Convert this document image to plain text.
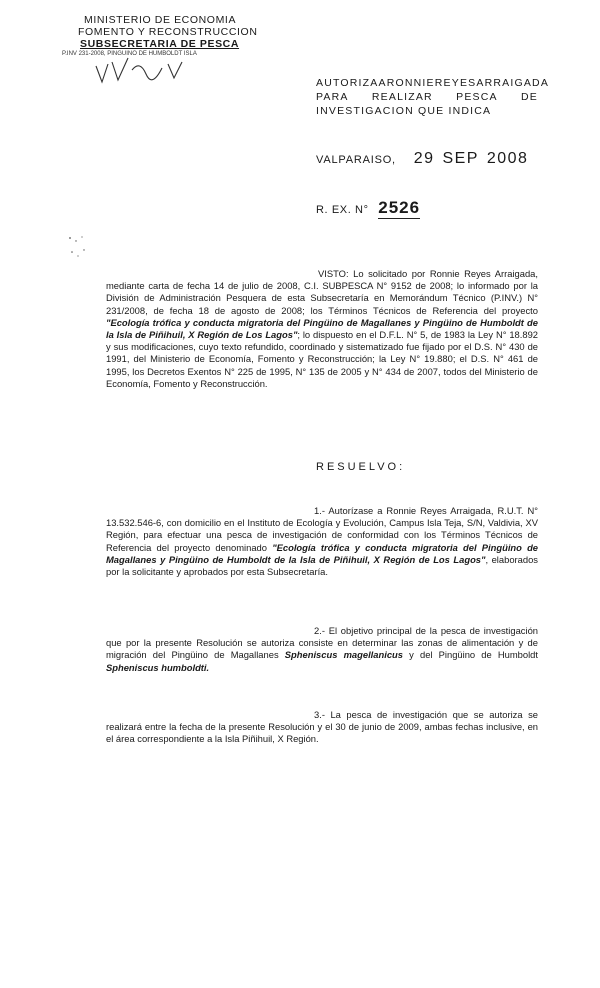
MINISTERIO DE ECONOMIA
FOMENTO Y RECONSTRUCCION
SUBSECRETARIA DE PESCA
P.INV 231-2008, PINGUINO DE HUMBOLDT ISLA
AUTORIZA A RONNIE REYES ARRAIGADA
PARA REALIZAR PESCA DE
INVESTIGACION QUE INDICA
VALPARAISO, 29 SEP 2008
R. EX. N° 2526
VISTO: Lo solicitado por Ronnie Reyes Arraigada, mediante carta de fecha 14 de julio de 2008, C.I. SUBPESCA N° 9152 de 2008; lo informado por la División de Administración Pesquera de esta Subsecretaría en Memorándum Técnico (P.INV.) N° 231/2008, de fecha 18 de agosto de 2008; los Términos Técnicos de Referencia del proyecto "Ecología trófica y conducta migratoria del Pingüino de Magallanes y Pingüino de Humboldt de la Isla de Piñihuil, X Región de Los Lagos"; lo dispuesto en el D.F.L. N° 5, de 1983 la Ley N° 18.892 y sus modificaciones, cuyo texto refundido, coordinado y sistematizado fue fijado por el D.S. N° 430 de 1991, del Ministerio de Economía, Fomento y Reconstrucción; la Ley N° 19.880; el D.S. N° 461 de 1995, los Decretos Exentos N° 225 de 1995, N° 135 de 2005 y N° 434 de 2007, todos del Ministerio de Economía, Fomento y Reconstrucción.
RESUELVO:
1.- Autorízase a Ronnie Reyes Arraigada, R.U.T. N° 13.532.546-6, con domicilio en el Instituto de Ecología y Evolución, Campus Isla Teja, S/N, Valdivia, XV Región, para efectuar una pesca de investigación de conformidad con los Términos Técnicos de Referencia del proyecto denominado "Ecología trófica y conducta migratoria del Pingüino de Magallanes y Pingüino de Humboldt de la Isla de Piñihuil, X Región de Los Lagos", elaborados por la solicitante y aprobados por esta Subsecretaría.
2.- El objetivo principal de la pesca de investigación que por la presente Resolución se autoriza consiste en determinar las zonas de alimentación y de migración del Pingüino de Magallanes Spheniscus magellanicus y del Pingüino de Humboldt Spheniscus humboldti.
3.- La pesca de investigación que se autoriza se realizará entre la fecha de la presente Resolución y el 30 de junio de 2009, ambas fechas inclusive, en el área correspondiente a la Isla Piñihuil, X Región.
